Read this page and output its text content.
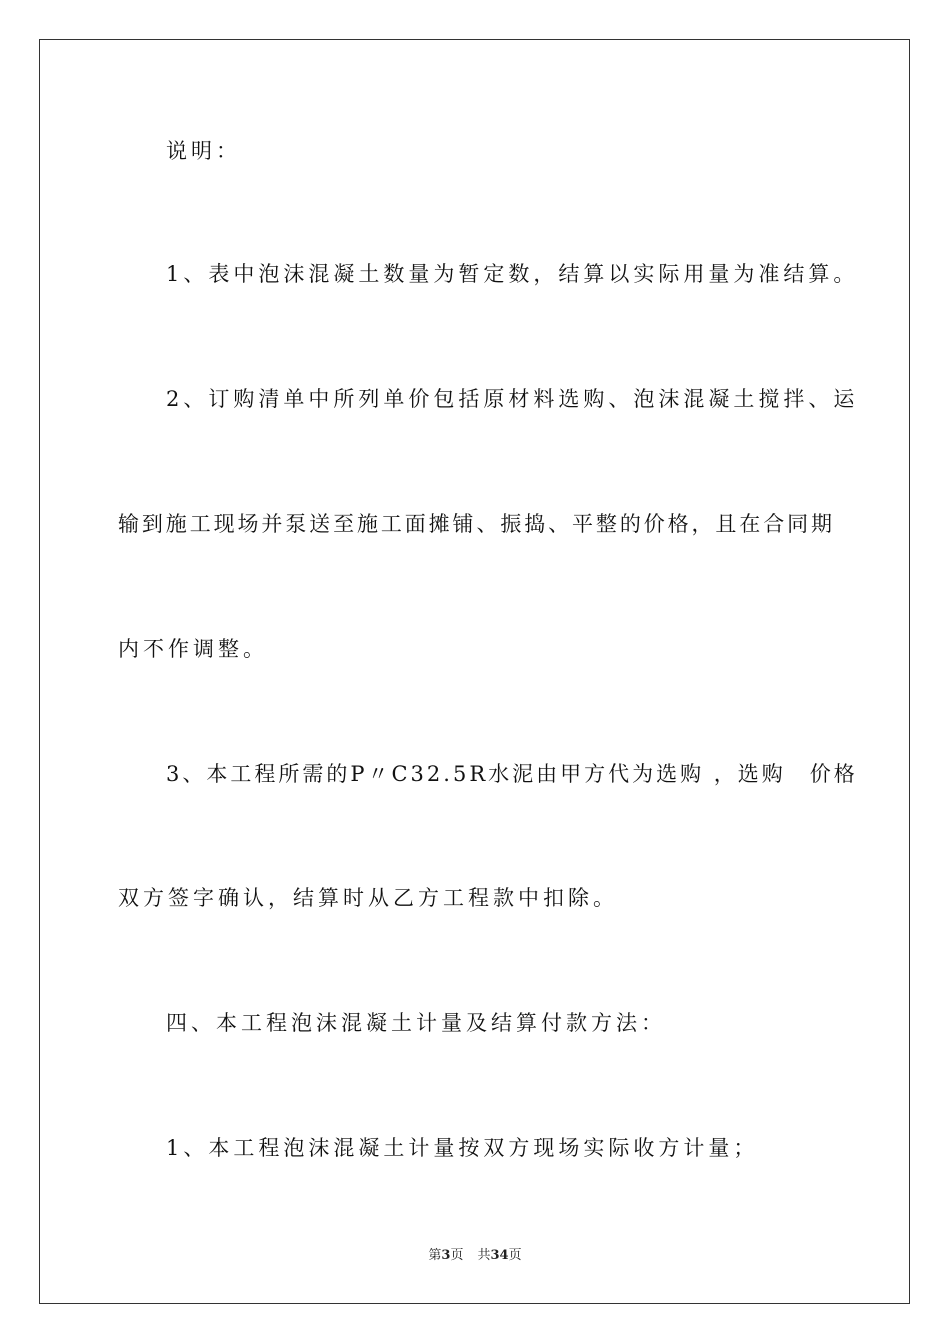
说明：
1、表中泡沫混凝土数量为暂定数，结算以实际用量为准结算。
2、订购清单中所列单价包括原材料选购、泡沫混凝土搅拌、运
输到施工现场并泵送至施工面摊铺、振捣、平整的价格，且在合同期
内不作调整。
3、本工程所需的P〃C32.5R水泥由甲方代为选购 ，选购　价格
双方签字确认，结算时从乙方工程款中扣除。
四、本工程泡沫混凝土计量及结算付款方法：
1、本工程泡沫混凝土计量按双方现场实际收方计量；
第3页 共34页
